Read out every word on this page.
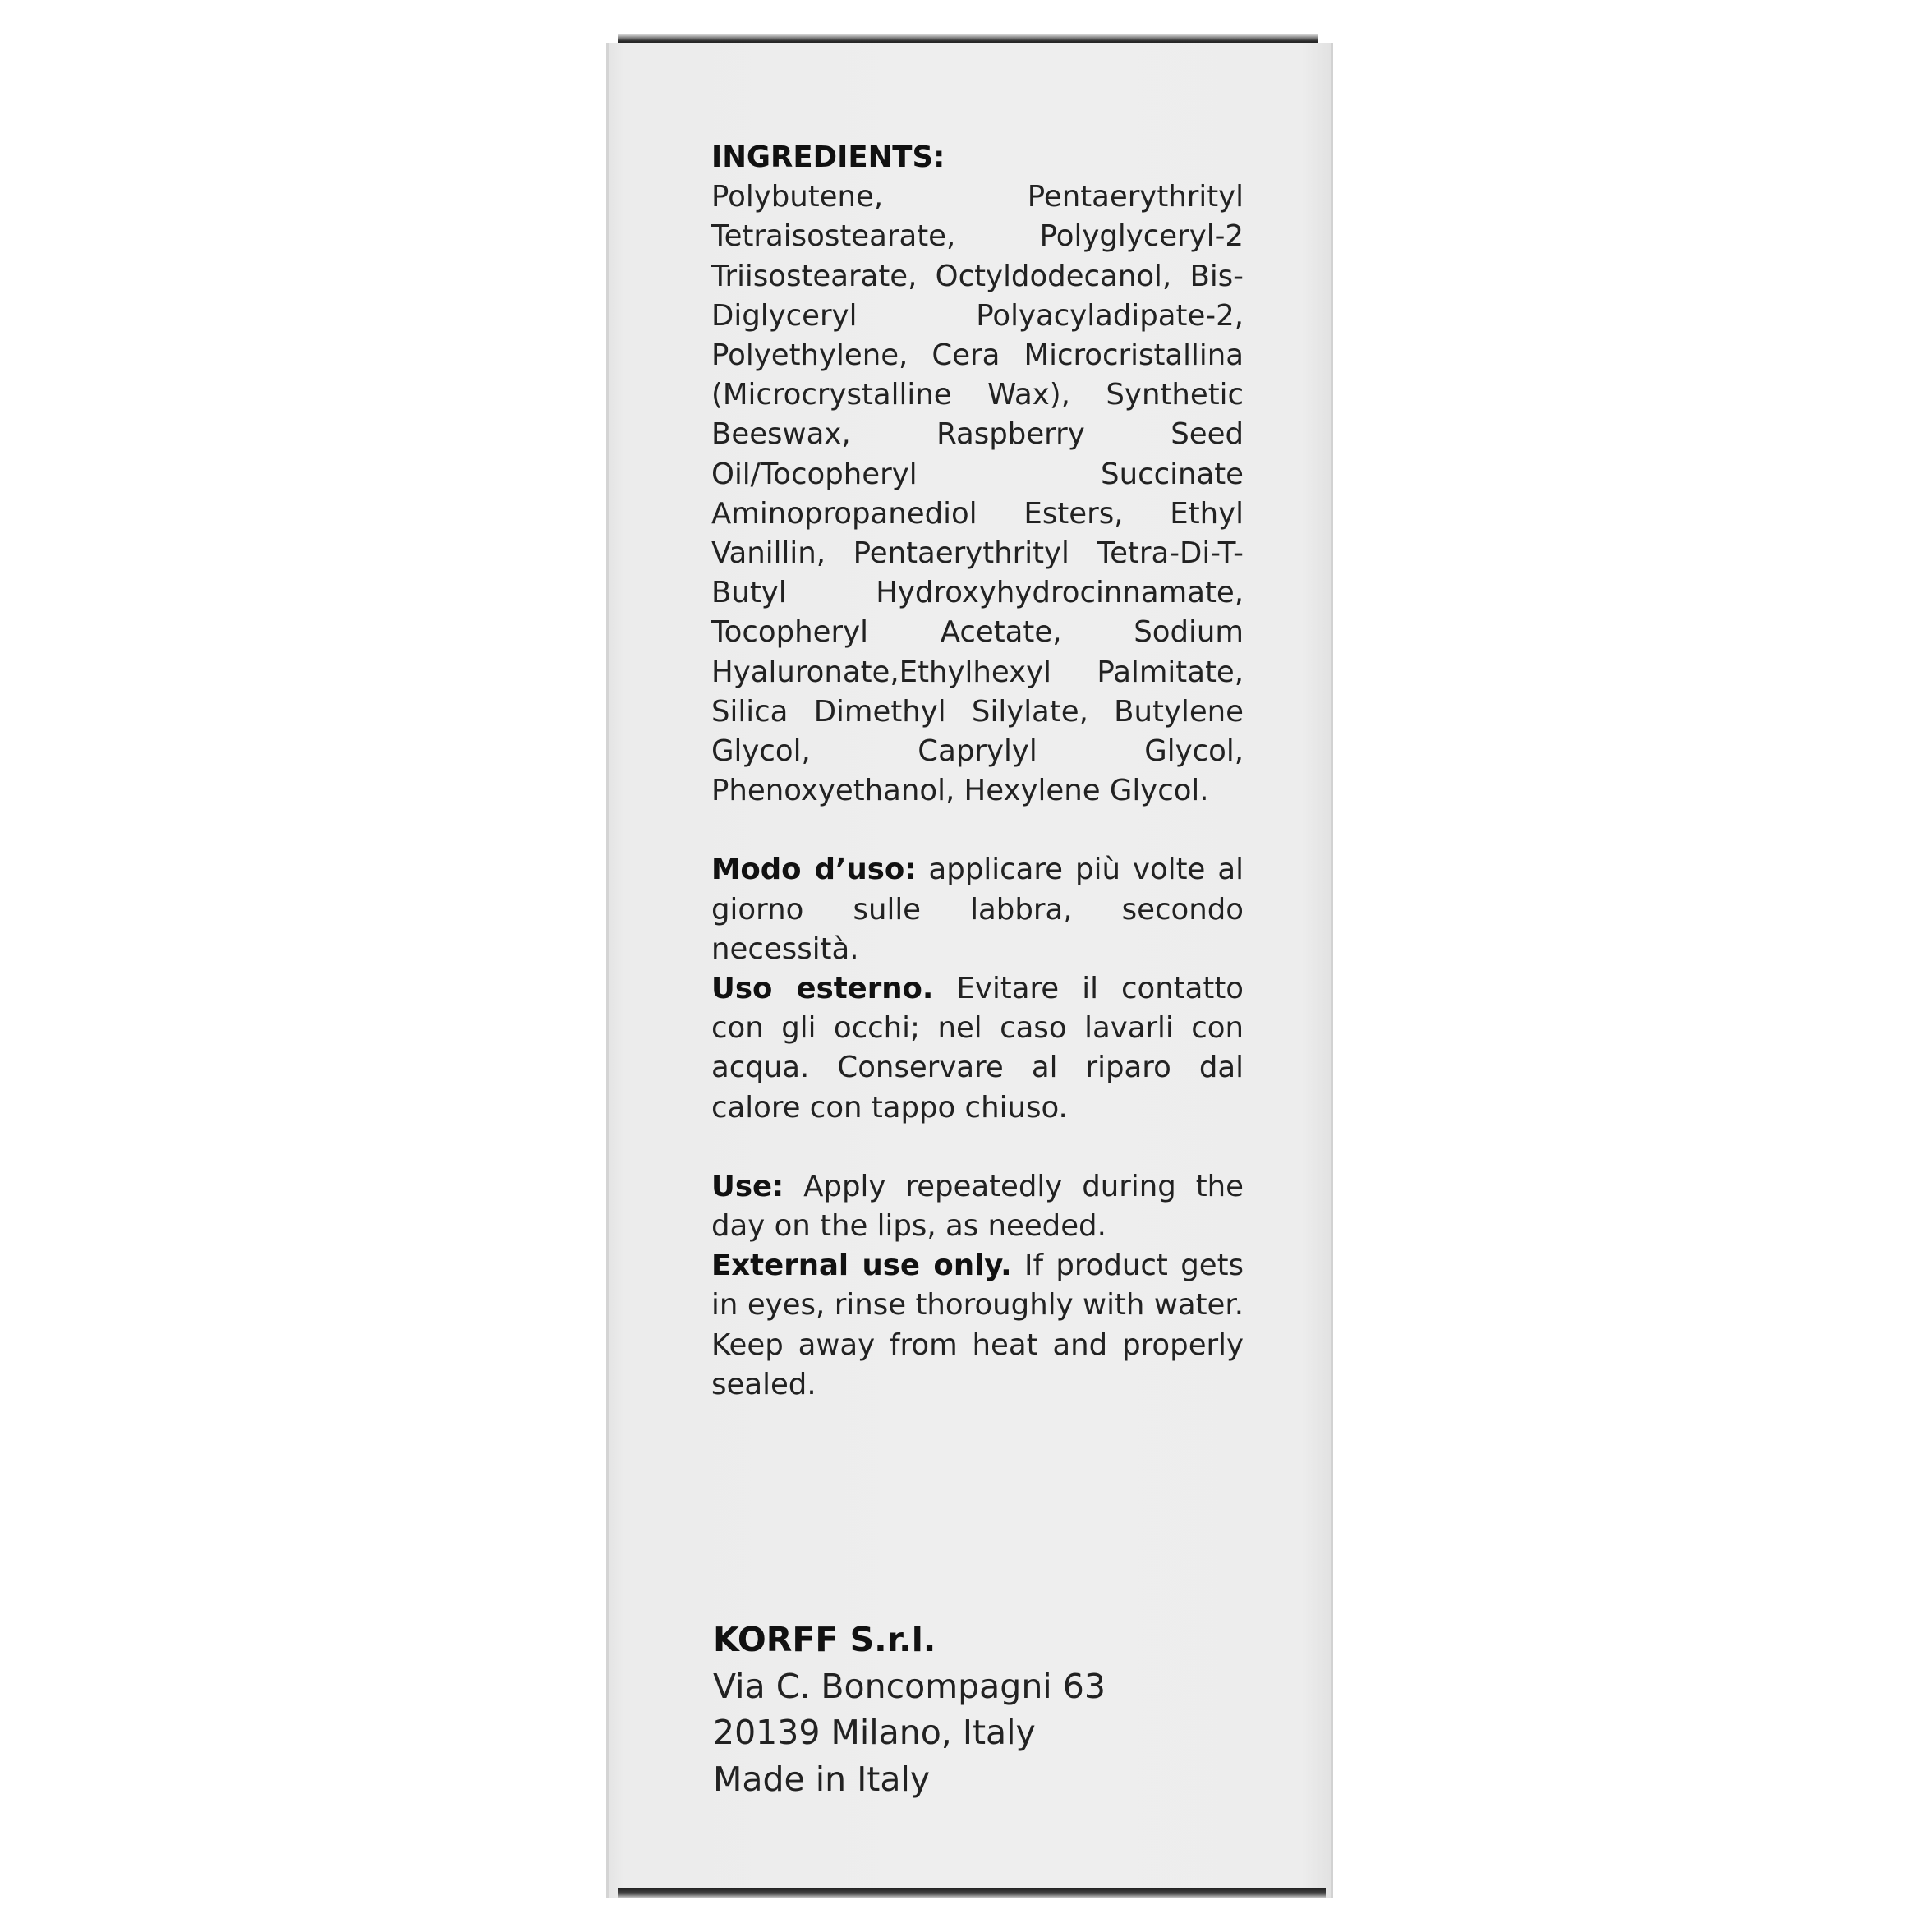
INGREDIENTS:
Polybutene, Pentaerythrityl Tetraisostearate, Polyglyceryl-2 Triisostearate, Octyldodecanol, Bis-Diglyceryl Polyacyladipate-2, Polyethylene, Cera Microcristallina (Microcrystalline Wax), Synthetic Beeswax, Raspberry Seed Oil/Tocopheryl Succinate Aminopropanediol Esters, Ethyl Vanillin, Pentaerythrityl Tetra-Di-T-Butyl Hydroxyhydrocinnamate, Tocopheryl Acetate, Sodium Hyaluronate,Ethylhexyl Palmitate, Silica Dimethyl Silylate, Butylene Glycol, Caprylyl Glycol, Phenoxyethanol, Hexylene Glycol.

Modo d’uso: applicare più volte al giorno sulle labbra, secondo necessità.

Uso esterno. Evitare il contatto con gli occhi; nel caso lavarli con acqua. Conservare al riparo dal calore con tappo chiuso.

Use: Apply repeatedly during the day on the lips, as needed.

External use only. If product gets in eyes, rinse thoroughly with water. Keep away from heat and properly sealed.

KORFF S.r.l.
Via C. Boncompagni 63
20139 Milano, Italy
Made in Italy
